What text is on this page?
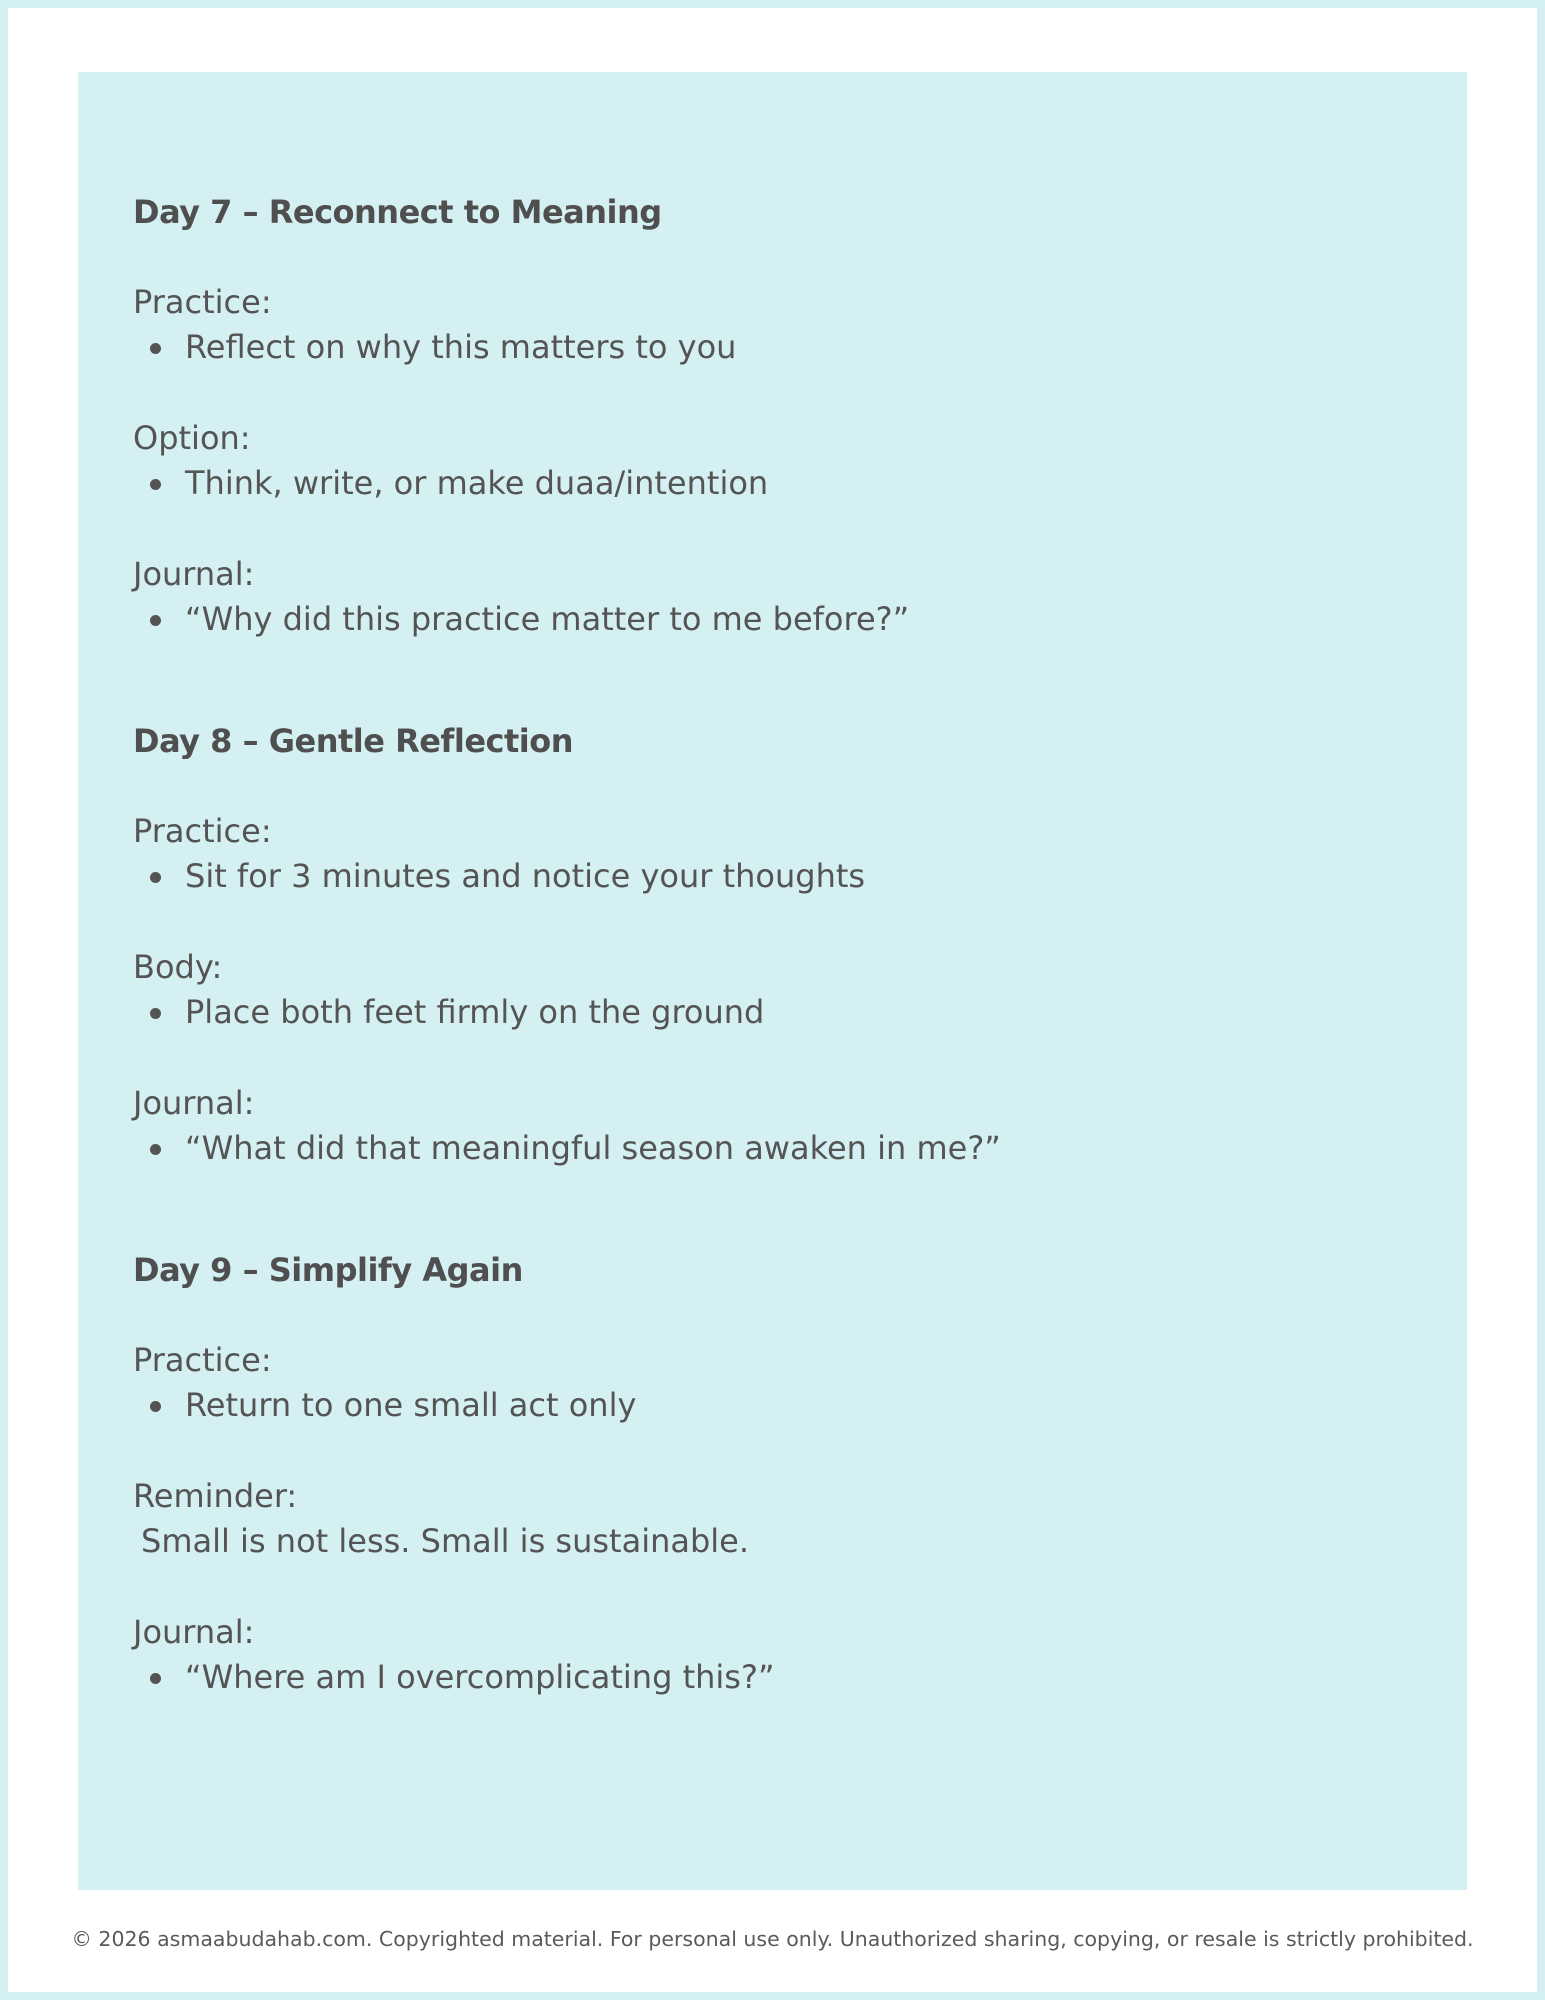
Day 7 – Reconnect to Meaning
Practice:
Reflect on why this matters to you
Option:
Think, write, or make duaa/intention
Journal:
“Why did this practice matter to me before?”
Day 8 – Gentle Reflection
Practice:
Sit for 3 minutes and notice your thoughts
Body:
Place both feet firmly on the ground
Journal:
“What did that meaningful season awaken in me?”
Day 9 – Simplify Again
Practice:
Return to one small act only
Reminder:
Small is not less. Small is sustainable.
Journal:
“Where am I overcomplicating this?”
© 2026 asmaabudahab.com. Copyrighted material. For personal use only. Unauthorized sharing, copying, or resale is strictly prohibited.
